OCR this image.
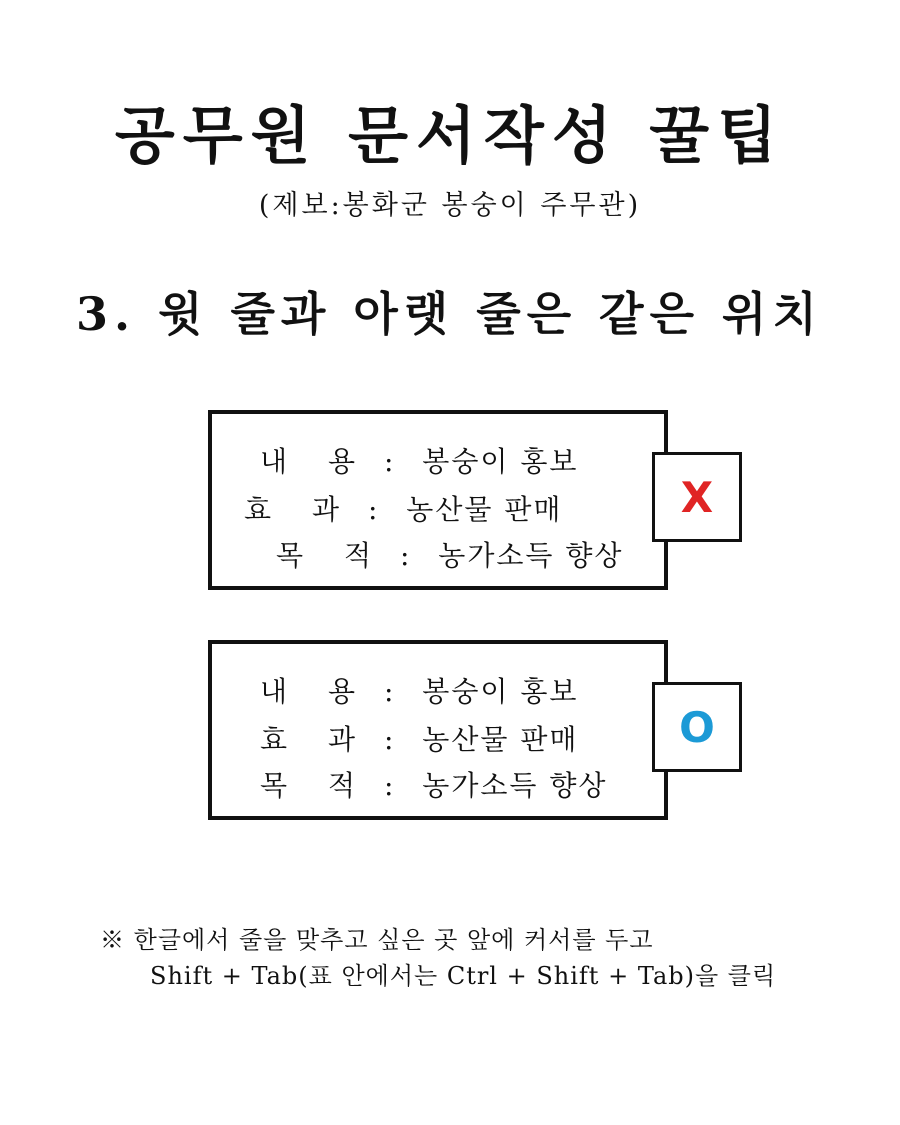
공무원 문서작성 꿀팁
(제보:봉화군 봉숭이 주무관)
3. 윗 줄과 아랫 줄은 같은 위치
내 용 : 봉숭이 홍보
효 과 : 농산물 판매
목 적 : 농가소득 향상
X
내 용 : 봉숭이 홍보
효 과 : 농산물 판매
목 적 : 농가소득 향상
O
※ 한글에서 줄을 맞추고 싶은 곳 앞에 커서를 두고
Shift + Tab(표 안에서는 Ctrl + Shift + Tab)을 클릭
